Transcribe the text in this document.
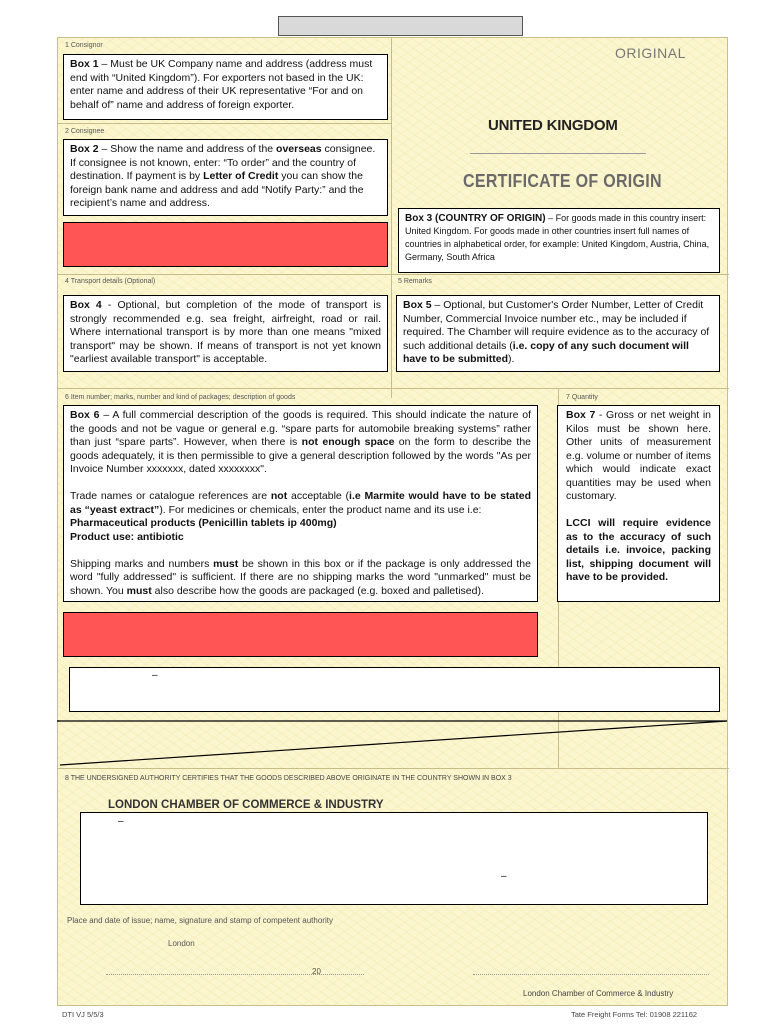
1 Consignor
2 Consignee
4 Transport details (Optional)	5 Remarks
6 Item number; marks, number and kind of packages; description of goods	7 Quantity
ORIGINAL
UNITED KINGDOM
CERTIFICATE OF ORIGIN
8 THE UNDERSIGNED AUTHORITY CERTIFIES THAT THE GOODS DESCRIBED ABOVE ORIGINATE IN THE COUNTRY SHOWN IN BOX 3
LONDON CHAMBER OF COMMERCE & INDUSTRY
Place and date of issue; name, signature and stamp of competent authority
London
20
London Chamber of Commerce & Industry
DTI VJ 5/5/3	Tate Freight Forms Tel: 01908 221162

Box 1 – Must be UK Company name and address (address must end with “United Kingdom”). For exporters not based in the UK: enter name and address of their UK representative “For and on behalf of” name and address of foreign exporter.

Box 2 – Show the name and address of the overseas consignee. If consignee is not known, enter: “To order” and the country of destination. If payment is by Letter of Credit you can show the foreign bank name and address and add “Notify Party:” and the recipient’s name and address.

Box 3 (COUNTRY OF ORIGIN) – For goods made in this country insert: United Kingdom. For goods made in other countries insert full names of countries in alphabetical order, for example: United Kingdom, Austria, China, Germany, South Africa

Box 4 - Optional, but completion of the mode of transport is strongly recommended e.g. sea freight, airfreight, road or rail. Where international transport is by more than one means "mixed transport" may be shown. If means of transport is not yet known "earliest available transport" is acceptable.

Box 5 – Optional, but Customer's Order Number, Letter of Credit Number, Commercial Invoice number etc., may be included if required. The Chamber will require evidence as to the accuracy of such additional details (i.e. copy of any such document will have to be submitted).

Box 6 – A full commercial description of the goods is required. This should indicate the nature of the goods and not be vague or general e.g. “spare parts for automobile breaking systems” rather than just “spare parts”. However, when there is not enough space on the form to describe the goods adequately, it is then permissible to give a general description followed by the words "As per Invoice Number xxxxxxx, dated xxxxxxxx".

Trade names or catalogue references are not acceptable (i.e Marmite would have to be stated as “yeast extract”). For medicines or chemicals, enter the product name and its use i.e:

Pharmaceutical products (Penicillin tablets ip 400mg)

Product use: antibiotic

Shipping marks and numbers must be shown in this box or if the package is only addressed the word "fully addressed" is sufficient. If there are no shipping marks the word "unmarked" must be shown. You must also describe how the goods are packaged (e.g. boxed and palletised).

Box 7 - Gross or net weight in Kilos must be shown here. Other units of measurement e.g. volume or number of items which would indicate exact quantities may be used when customary.

LCCI will require evidence as to the accuracy of such details i.e. invoice, packing list, shipping document will have to be provided.

–
–
–
